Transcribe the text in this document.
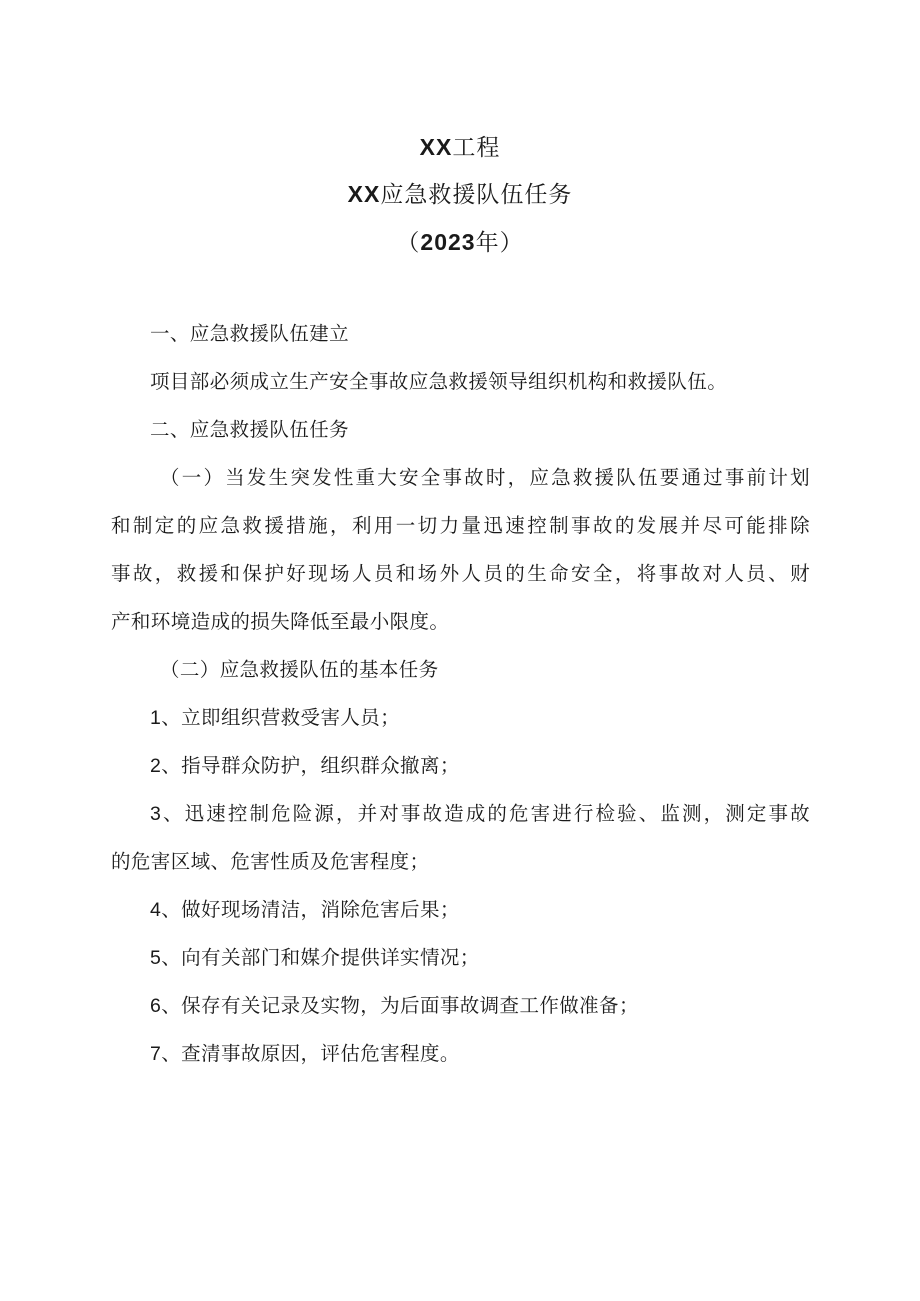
XX工程
XX应急救援队伍任务
（2023年）
一、应急救援队伍建立
项目部必须成立生产安全事故应急救援领导组织机构和救援队伍。
二、应急救援队伍任务
（一）当发生突发性重大安全事故时，应急救援队伍要通过事前计划
和制定的应急救援措施，利用一切力量迅速控制事故的发展并尽可能排除
事故，救援和保护好现场人员和场外人员的生命安全，将事故对人员、财
产和环境造成的损失降低至最小限度。
（二）应急救援队伍的基本任务
1、立即组织营救受害人员；
2、指导群众防护，组织群众撤离；
3、迅速控制危险源，并对事故造成的危害进行检验、监测，测定事故
的危害区域、危害性质及危害程度；
4、做好现场清洁，消除危害后果；
5、向有关部门和媒介提供详实情况；
6、保存有关记录及实物，为后面事故调查工作做准备；
7、查清事故原因，评估危害程度。
